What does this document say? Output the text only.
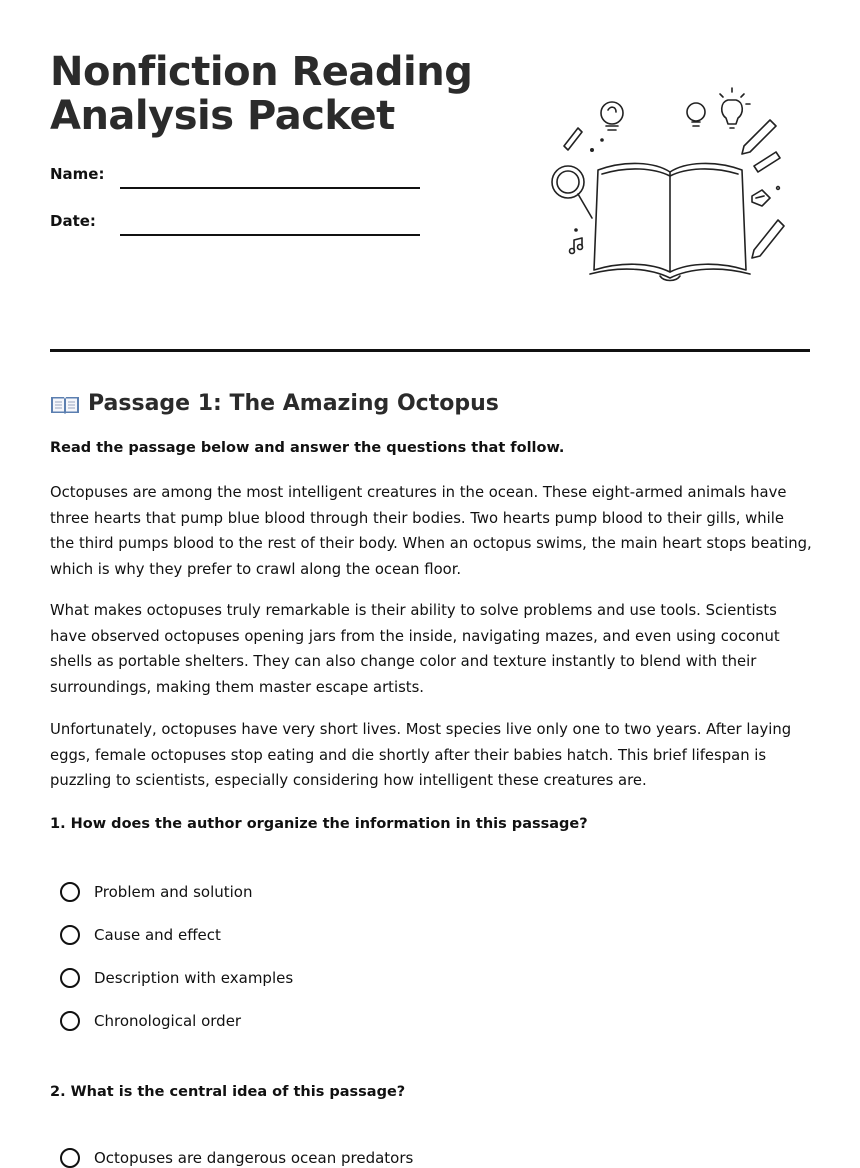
Nonfiction Reading
Analysis Packet
Name:
Date:
Passage 1: The Amazing Octopus

Read the passage below and answer the questions that follow.

Octopuses are among the most intelligent creatures in the ocean. These eight-armed animals have three hearts that pump blue blood through their bodies. Two hearts pump blood to their gills, while the third pumps blood to the rest of their body. When an octopus swims, the main heart stops beating, which is why they prefer to crawl along the ocean floor.

What makes octopuses truly remarkable is their ability to solve problems and use tools. Scientists have observed octopuses opening jars from the inside, navigating mazes, and even using coconut shells as portable shelters. They can also change color and texture instantly to blend with their surroundings, making them master escape artists.

Unfortunately, octopuses have very short lives. Most species live only one to two years. After laying eggs, female octopuses stop eating and die shortly after their babies hatch. This brief lifespan is puzzling to scientists, especially considering how intelligent these creatures are.

1. How does the author organize the information in this passage?

Problem and solution
Cause and effect
Description with examples
Chronological order

2. What is the central idea of this passage?

Octopuses are dangerous ocean predators
